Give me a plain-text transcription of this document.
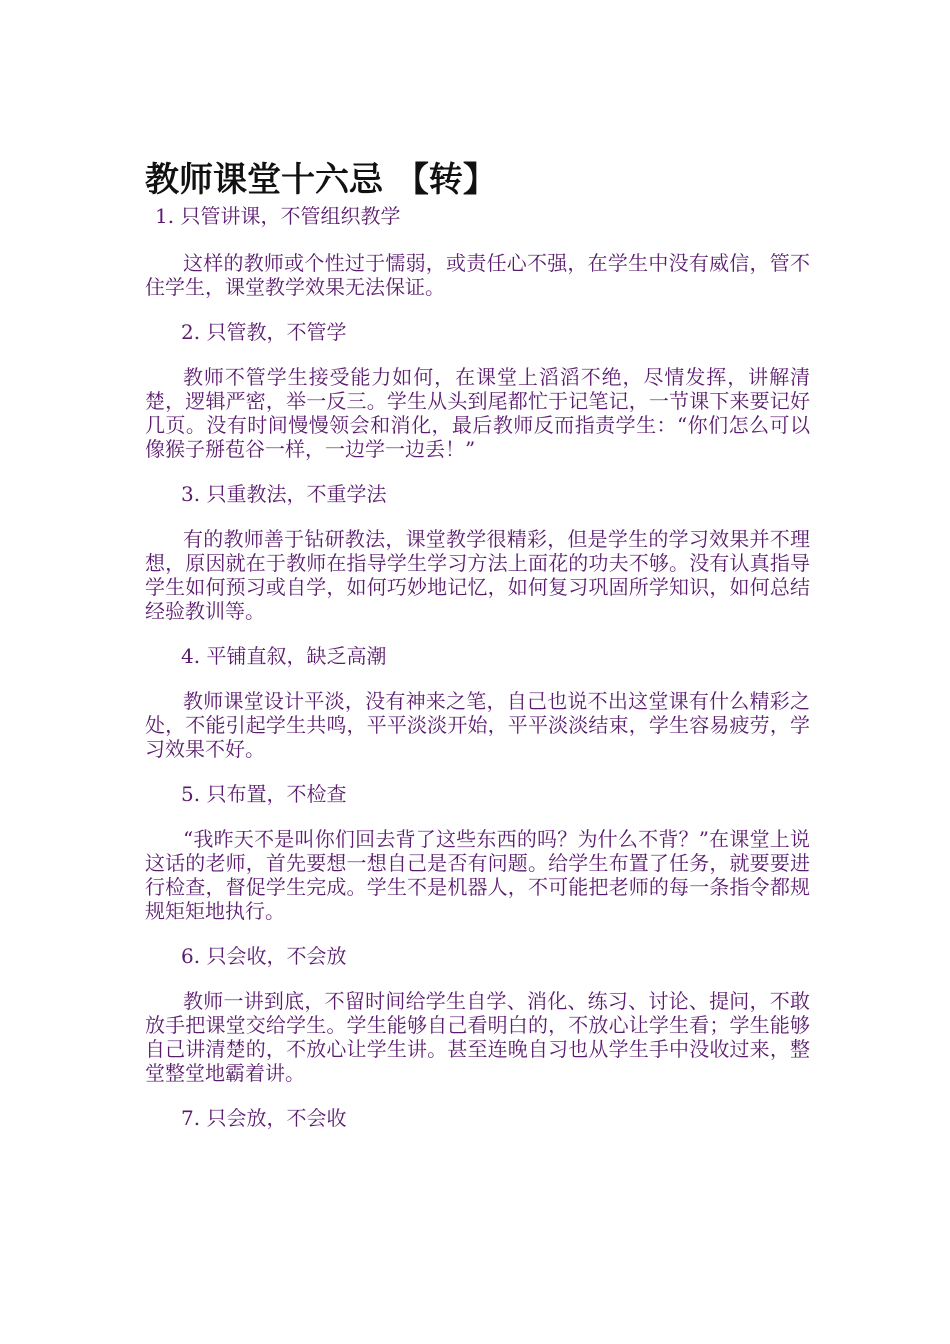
教师课堂十六忌 【转】

1. 只管讲课，不管组织教学

这样的教师或个性过于懦弱，或责任心不强，在学生中没有威信，管不住学生，课堂教学效果无法保证。

2. 只管教，不管学

教师不管学生接受能力如何，在课堂上滔滔不绝，尽情发挥，讲解清楚，逻辑严密，举一反三。学生从头到尾都忙于记笔记，一节课下来要记好几页。没有时间慢慢领会和消化，最后教师反而指责学生：“你们怎么可以像猴子掰苞谷一样，一边学一边丢！”

3. 只重教法，不重学法

有的教师善于钻研教法，课堂教学很精彩，但是学生的学习效果并不理想，原因就在于教师在指导学生学习方法上面花的功夫不够。没有认真指导学生如何预习或自学，如何巧妙地记忆，如何复习巩固所学知识，如何总结经验教训等。

4. 平铺直叙，缺乏高潮

教师课堂设计平淡，没有神来之笔，自己也说不出这堂课有什么精彩之处，不能引起学生共鸣，平平淡淡开始，平平淡淡结束，学生容易疲劳，学习效果不好。

5. 只布置，不检查

“我昨天不是叫你们回去背了这些东西的吗？为什么不背？”在课堂上说这话的老师，首先要想一想自己是否有问题。给学生布置了任务，就要要进行检查，督促学生完成。学生不是机器人，不可能把老师的每一条指令都规规矩矩地执行。

6. 只会收，不会放

教师一讲到底，不留时间给学生自学、消化、练习、讨论、提问，不敢放手把课堂交给学生。学生能够自己看明白的，不放心让学生看；学生能够自己讲清楚的，不放心让学生讲。甚至连晚自习也从学生手中没收过来，整堂整堂地霸着讲。

7. 只会放，不会收
